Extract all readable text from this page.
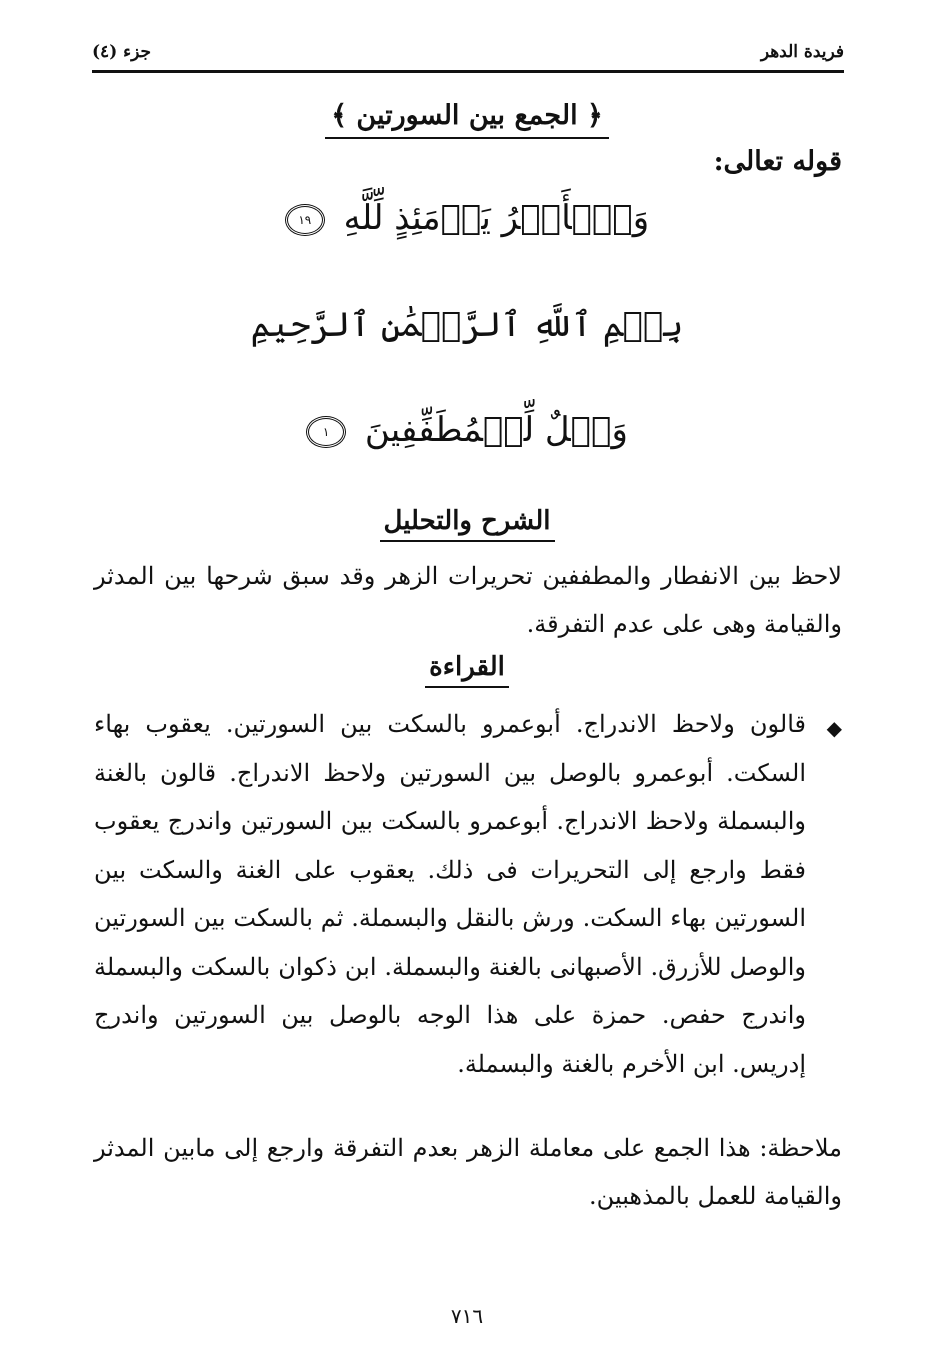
فريدة الدهر
جزء (٤)
﴿ الجمع بين السورتين ﴾
قوله تعالى:
وَٱلۡأَمۡرُ يَوۡمَئِذٍ لِّلَّهِ ١٩
بِسۡمِ ٱللَّهِ ٱلرَّحۡمَٰنِ ٱلرَّحِيمِ
وَيۡلٌ لِّلۡمُطَفِّفِينَ ١
الشرح والتحليل
لاحظ بين الانفطار والمطففين تحريرات الزهر وقد سبق شرحها بين المدثر والقيامة وهى على عدم التفرقة.
القراءة
◆
قالون ولاحظ الاندراج. أبوعمرو بالسكت بين السورتين. يعقوب بهاء السكت. أبوعمرو بالوصل بين السورتين ولاحظ الاندراج. قالون بالغنة والبسملة ولاحظ الاندراج. أبوعمرو بالسكت بين السورتين واندرج يعقوب فقط وارجع إلى التحريرات فى ذلك. يعقوب على الغنة والسكت بين السورتين بهاء السكت. ورش بالنقل والبسملة. ثم بالسكت بين السورتين والوصل للأزرق. الأصبهانى بالغنة والبسملة. ابن ذكوان بالسكت والبسملة واندرج حفص. حمزة على هذا الوجه بالوصل بين السورتين واندرج إدريس. ابن الأخرم بالغنة والبسملة.
ملاحظة: هذا الجمع على معاملة الزهر بعدم التفرقة وارجع إلى مابين المدثر والقيامة للعمل بالمذهبين.
٧١٦
